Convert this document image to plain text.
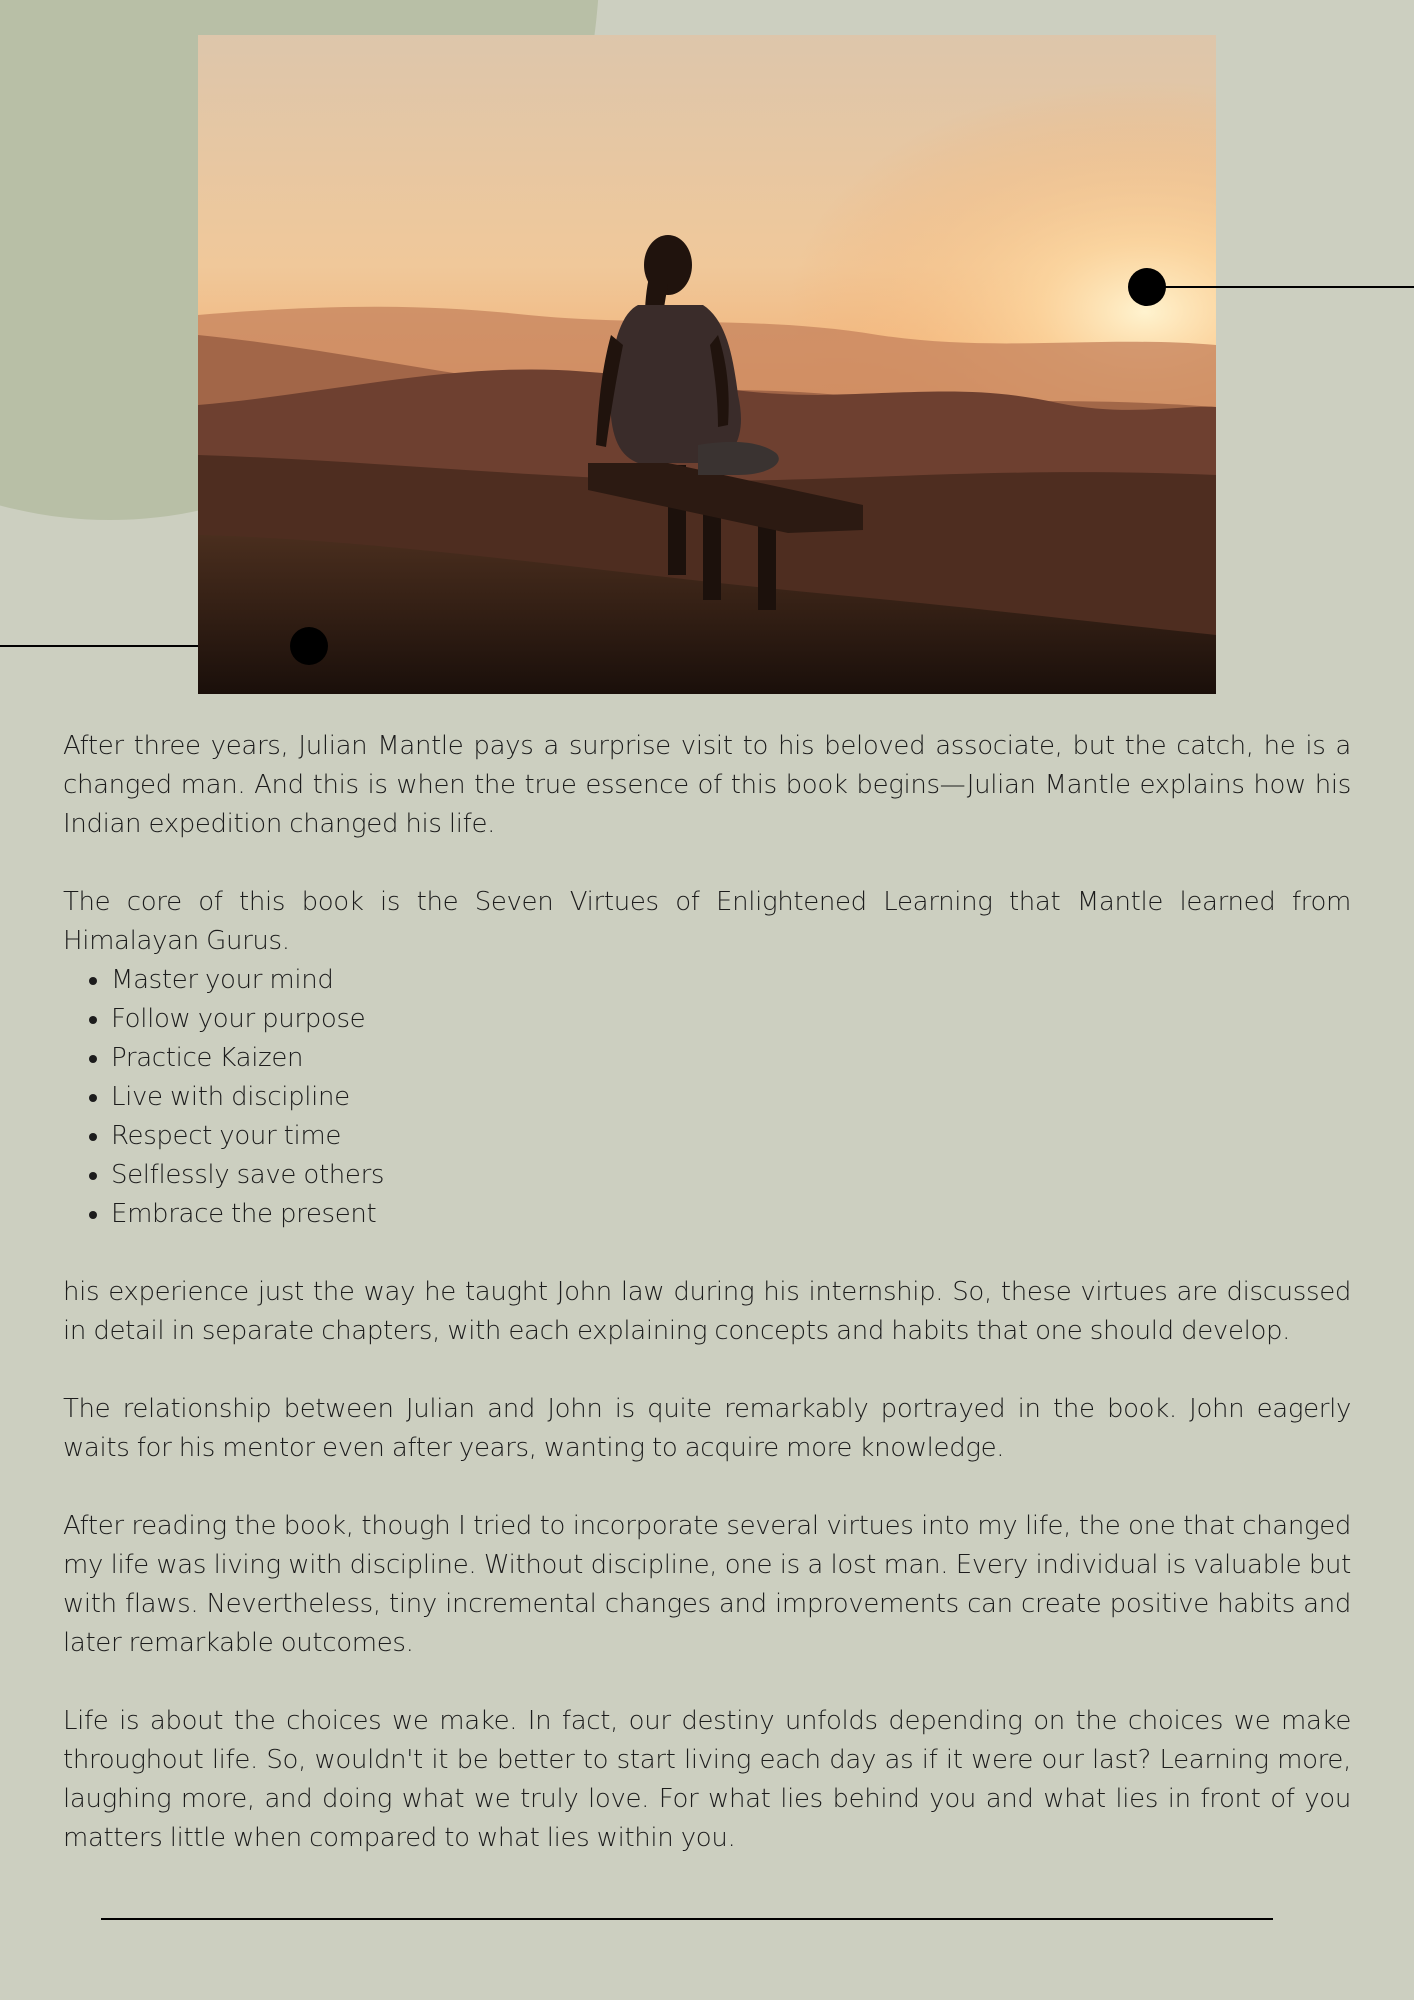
After three years, Julian Mantle pays a surprise visit to his beloved associate, but the catch, he is a changed man. And this is when the true essence of this book begins—Julian Mantle explains how his Indian expedition changed his life.

The core of this book is the Seven Virtues of Enlightened Learning that Mantle learned from Himalayan Gurus.

• Master your mind
• Follow your purpose
• Practice Kaizen
• Live with discipline
• Respect your time
• Selflessly save others
• Embrace the present

his experience just the way he taught John law during his internship. So, these virtues are discussed in detail in separate chapters, with each explaining concepts and habits that one should develop.

The relationship between Julian and John is quite remarkably portrayed in the book. John eagerly waits for his mentor even after years, wanting to acquire more knowledge.

After reading the book, though I tried to incorporate several virtues into my life, the one that changed my life was living with discipline. Without discipline, one is a lost man. Every individual is valuable but with flaws. Nevertheless, tiny incremental changes and improvements can create positive habits and later remarkable outcomes.

Life is about the choices we make. In fact, our destiny unfolds depending on the choices we make throughout life. So, wouldn't it be better to start living each day as if it were our last? Learning more, laughing more, and doing what we truly love. For what lies behind you and what lies in front of you matters little when compared to what lies within you.
